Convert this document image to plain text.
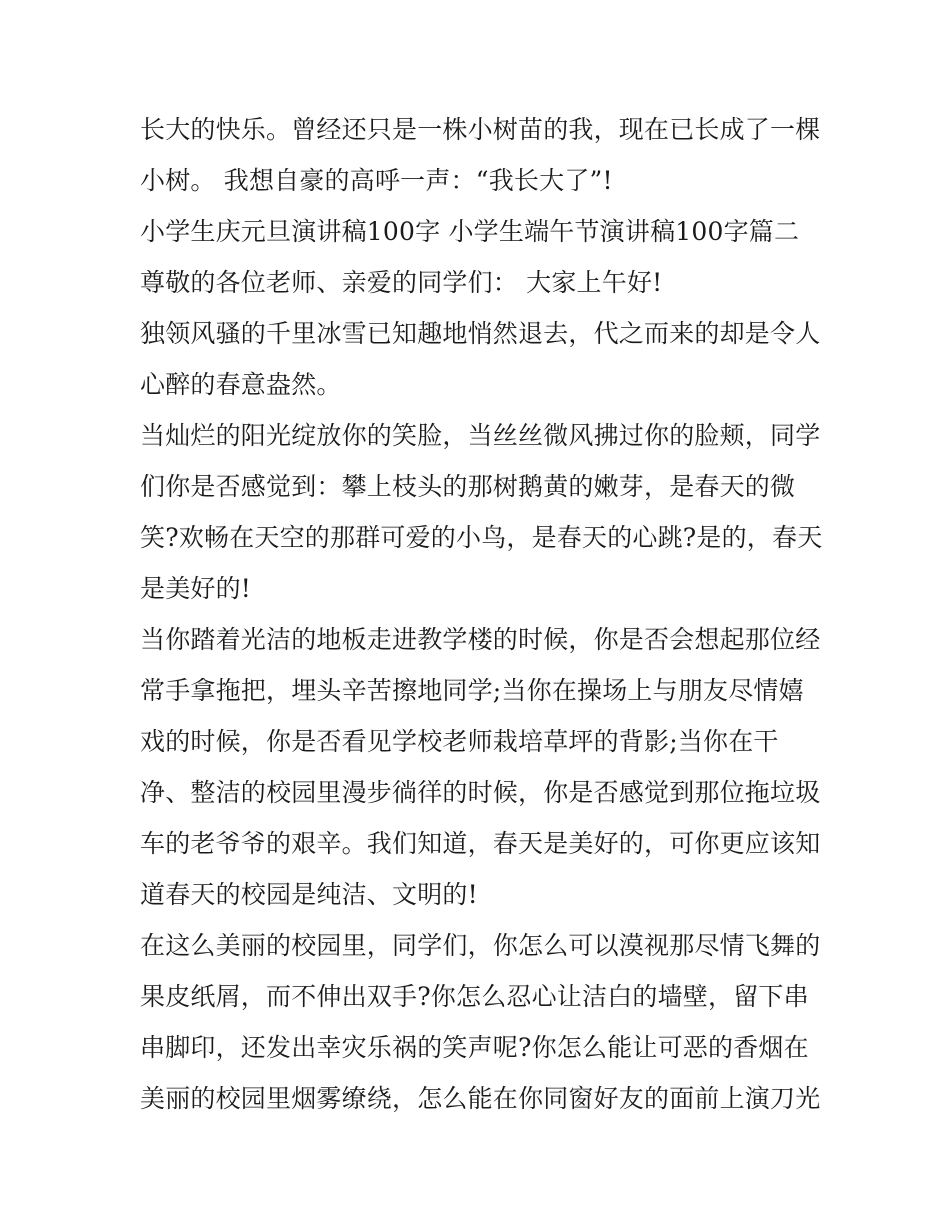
长大的快乐。曾经还只是一株小树苗的我，现在已长成了一棵
小树。 我想自豪的高呼一声：“我长大了”!
小学生庆元旦演讲稿100字 小学生端午节演讲稿100字篇二
尊敬的各位老师、亲爱的同学们： 大家上午好!
独领风骚的千里冰雪已知趣地悄然退去，代之而来的却是令人
心醉的春意盎然。
当灿烂的阳光绽放你的笑脸，当丝丝微风拂过你的脸颊，同学
们你是否感觉到：攀上枝头的那树鹅黄的嫩芽，是春天的微
笑?欢畅在天空的那群可爱的小鸟，是春天的心跳?是的，春天
是美好的!
当你踏着光洁的地板走进教学楼的时候，你是否会想起那位经
常手拿拖把，埋头辛苦擦地同学;当你在操场上与朋友尽情嬉
戏的时候，你是否看见学校老师栽培草坪的背影;当你在干
净、整洁的校园里漫步徜徉的时候，你是否感觉到那位拖垃圾
车的老爷爷的艰辛。我们知道，春天是美好的，可你更应该知
道春天的校园是纯洁、文明的!
在这么美丽的校园里，同学们，你怎么可以漠视那尽情飞舞的
果皮纸屑，而不伸出双手?你怎么忍心让洁白的墙壁，留下串
串脚印，还发出幸灾乐祸的笑声呢?你怎么能让可恶的香烟在
美丽的校园里烟雾缭绕，怎么能在你同窗好友的面前上演刀光
